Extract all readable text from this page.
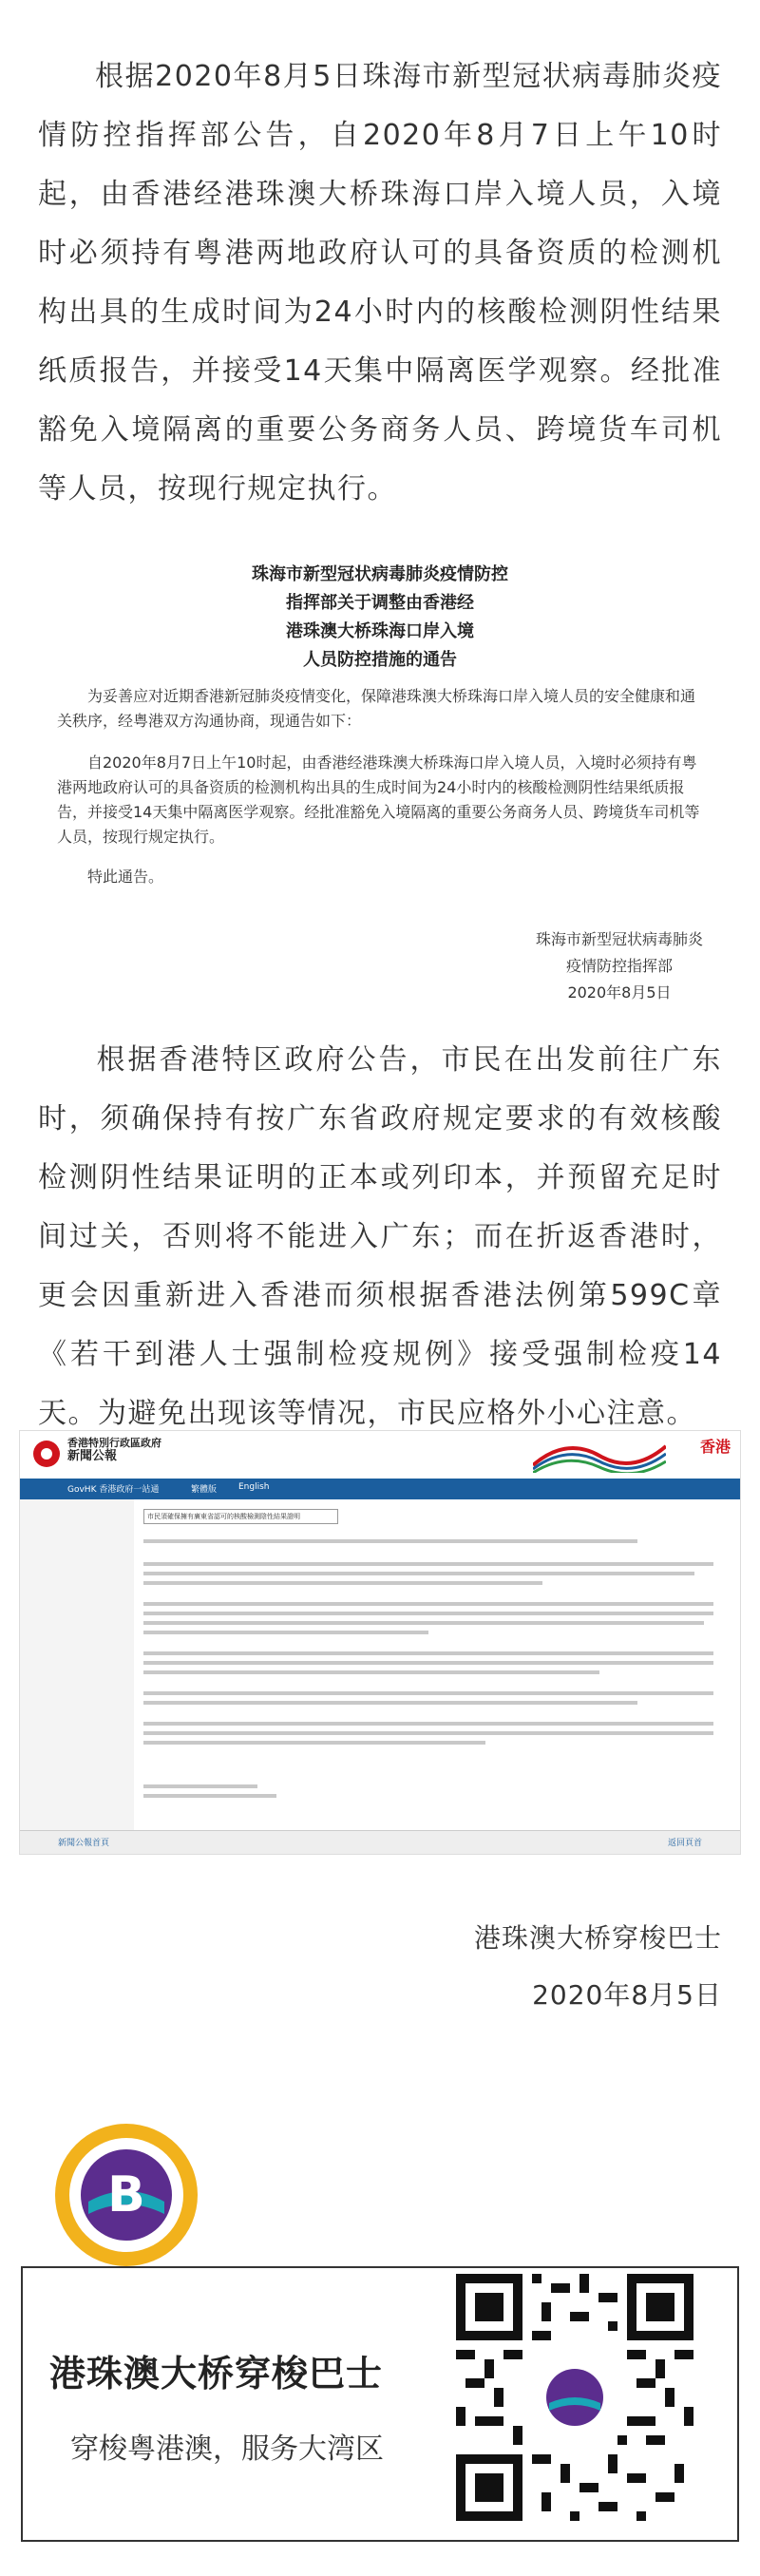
根据2020年8月5日珠海市新型冠状病毒肺炎疫情防控指挥部公告，自2020年8月7日上午10时起，由香港经港珠澳大桥珠海口岸入境人员，入境时必须持有粤港两地政府认可的具备资质的检测机构出具的生成时间为24小时内的核酸检测阴性结果纸质报告，并接受14天集中隔离医学观察。经批准豁免入境隔离的重要公务商务人员、跨境货车司机等人员，按现行规定执行。
珠海市新型冠状病毒肺炎疫情防控
指挥部关于调整由香港经
港珠澳大桥珠海口岸入境
人员防控措施的通告
为妥善应对近期香港新冠肺炎疫情变化，保障港珠澳大桥珠海口岸入境人员的安全健康和通关秩序，经粤港双方沟通协商，现通告如下：
自2020年8月7日上午10时起，由香港经港珠澳大桥珠海口岸入境人员，入境时必须持有粤港两地政府认可的具备资质的检测机构出具的生成时间为24小时内的核酸检测阴性结果纸质报告，并接受14天集中隔离医学观察。经批准豁免入境隔离的重要公务商务人员、跨境货车司机等人员，按现行规定执行。
特此通告。
珠海市新型冠状病毒肺炎
疫情防控指挥部
2020年8月5日
根据香港特区政府公告，市民在出发前往广东时，须确保持有按广东省政府规定要求的有效核酸检测阴性结果证明的正本或列印本，并预留充足时间过关，否则将不能进入广东；而在折返香港时，更会因重新进入香港而须根据香港法例第599C章《若干到港人士强制检疫规例》接受强制检疫14天。为避免出现该等情况，市民应格外小心注意。
香港特別行政區政府
新聞公報
香港
GovHK 香港政府一站通	繁體版	English
市民須確保擁有廣東省認可的核酸檢測陰性結果證明
新聞公報首頁	返回頁首
港珠澳大桥穿梭巴士
2020年8月5日
港珠澳大桥穿梭巴士
穿梭粤港澳，服务大湾区
B
